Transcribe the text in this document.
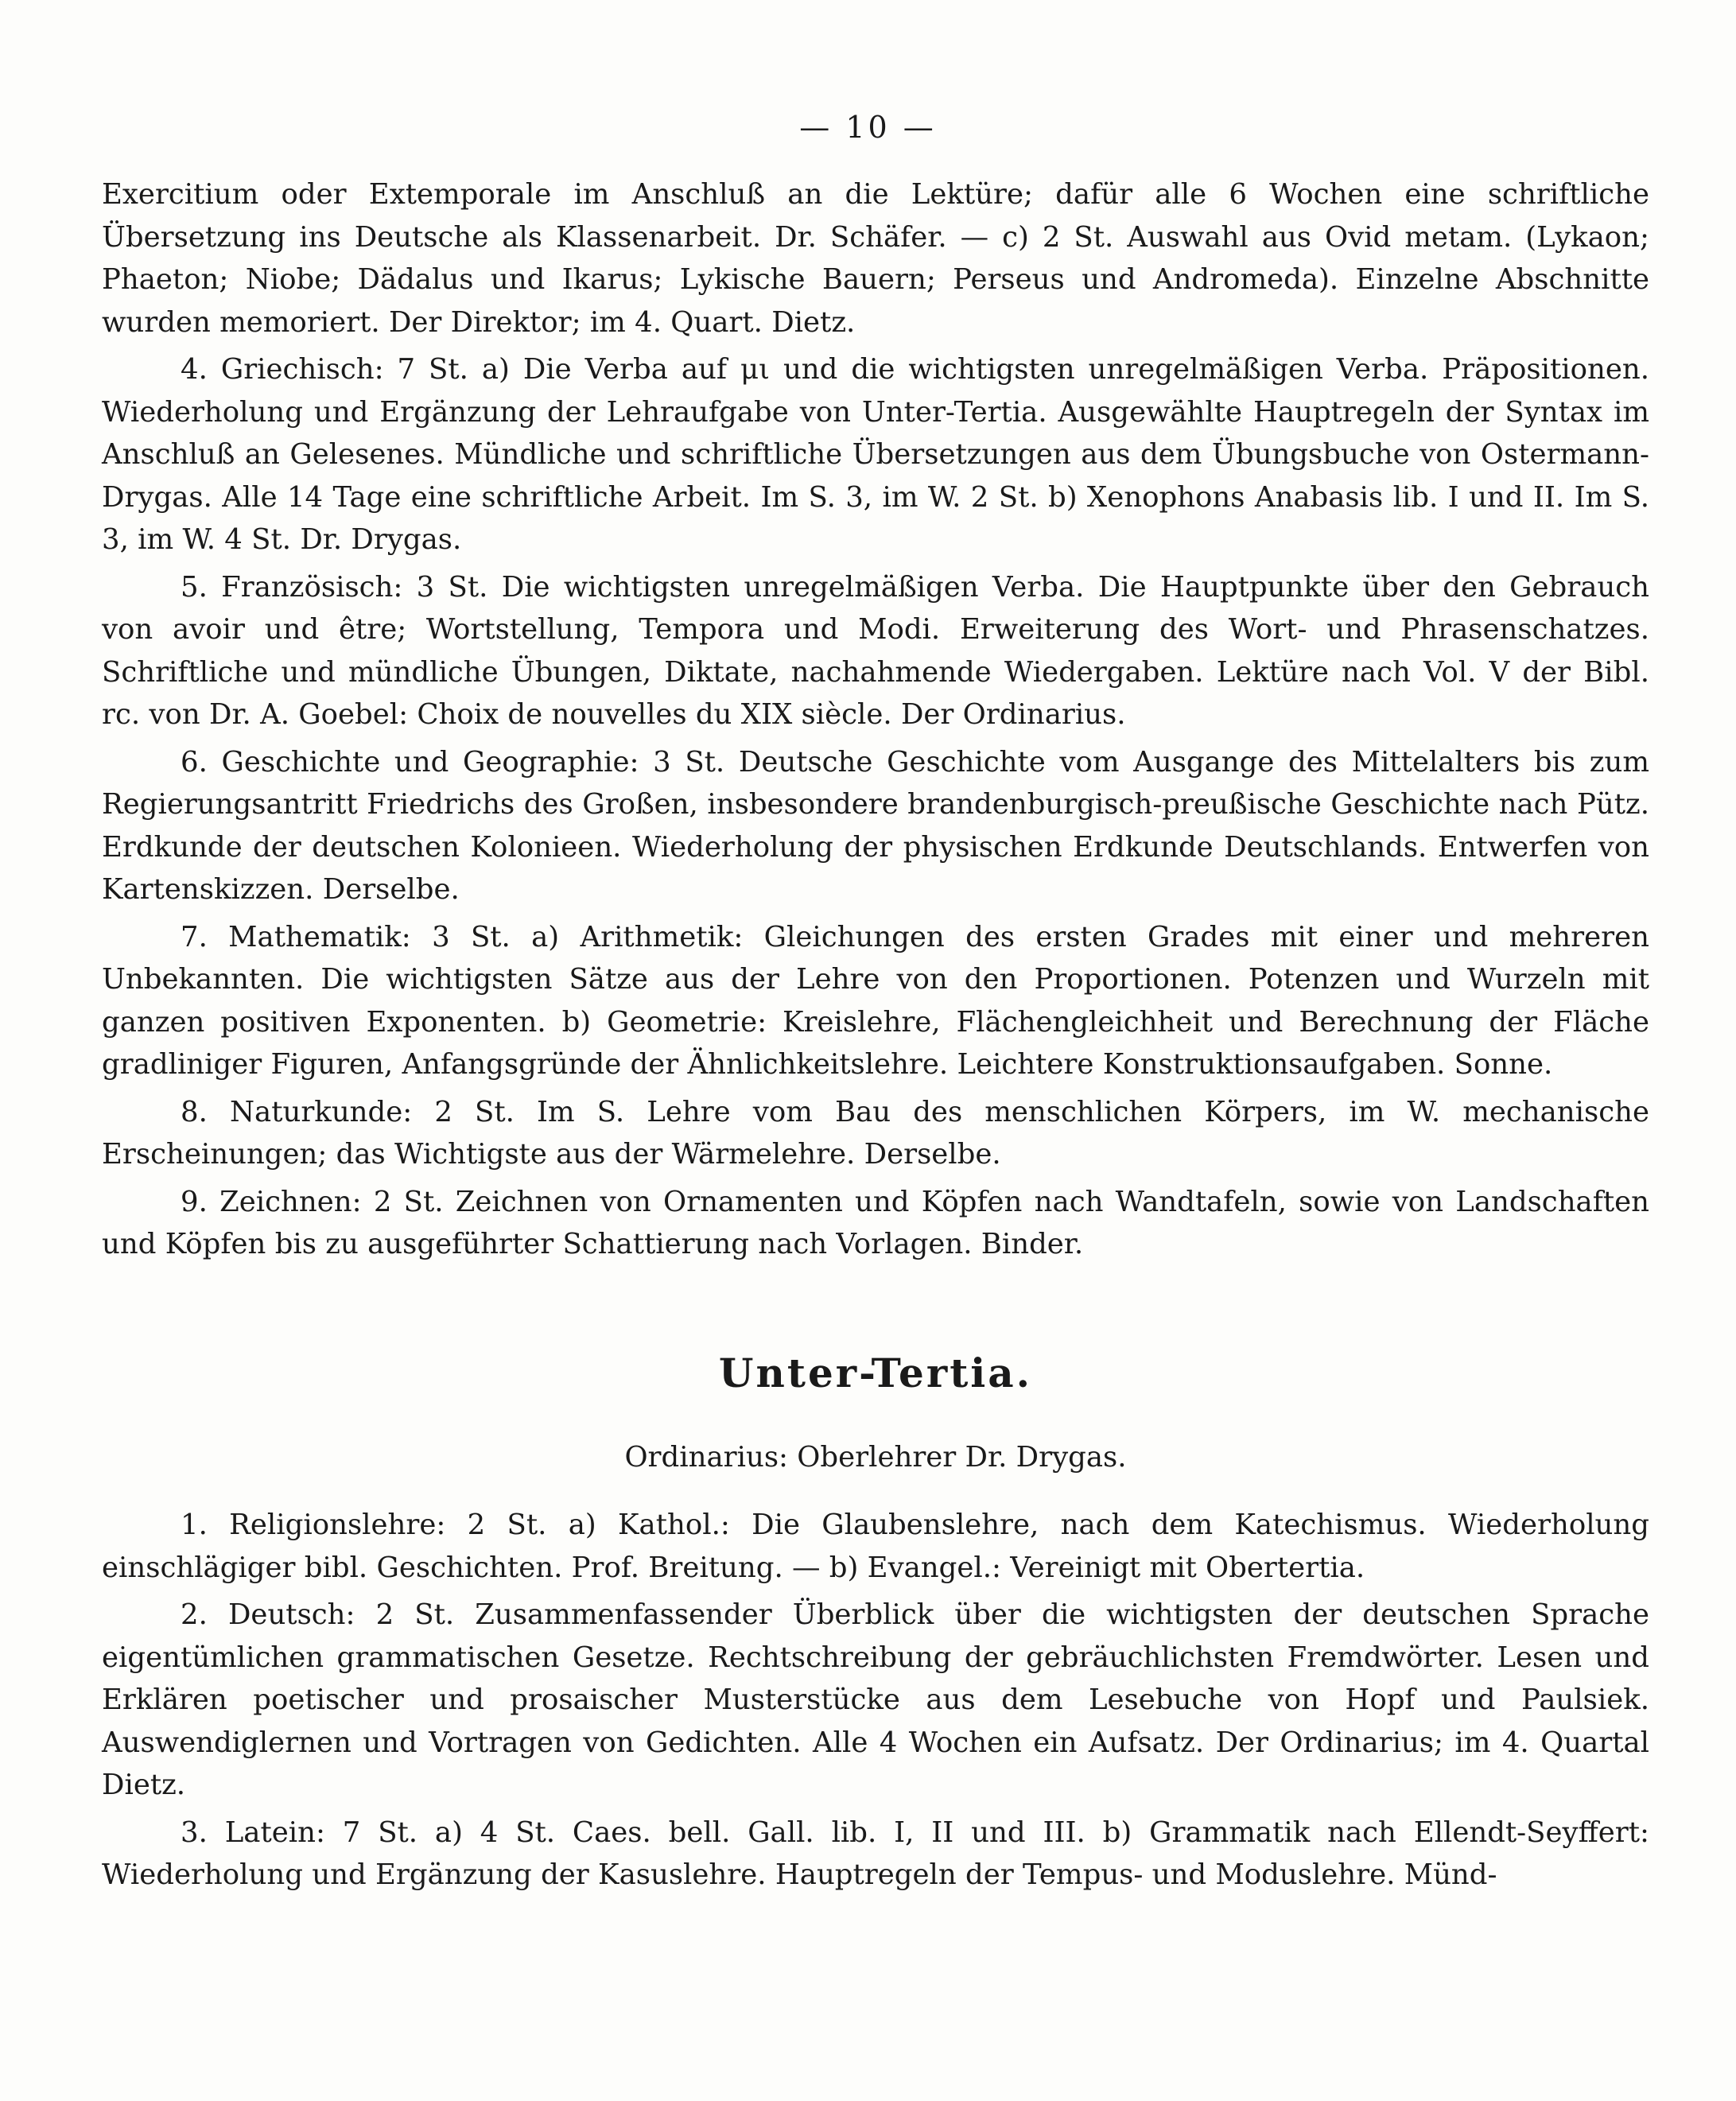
— 10 —

Exercitium oder Extemporale im Anschluß an die Lektüre; dafür alle 6 Wochen eine schriftliche Übersetzung ins Deutsche als Klassenarbeit. Dr. Schäfer. — c) 2 St. Auswahl aus Ovid metam. (Lykaon; Phaeton; Niobe; Dädalus und Ikarus; Lykische Bauern; Perseus und Andromeda). Einzelne Abschnitte wurden memoriert. Der Direktor; im 4. Quart. Dietz.

4. Griechisch: 7 St. a) Die Verba auf μι und die wichtigsten unregelmäßigen Verba. Präpositionen. Wiederholung und Ergänzung der Lehraufgabe von Unter-Tertia. Ausgewählte Hauptregeln der Syntax im Anschluß an Gelesenes. Mündliche und schriftliche Übersetzungen aus dem Übungsbuche von Ostermann-Drygas. Alle 14 Tage eine schriftliche Arbeit. Im S. 3, im W. 2 St. b) Xenophons Anabasis lib. I und II. Im S. 3, im W. 4 St. Dr. Drygas.

5. Französisch: 3 St. Die wichtigsten unregelmäßigen Verba. Die Hauptpunkte über den Gebrauch von avoir und être; Wortstellung, Tempora und Modi. Erweiterung des Wort- und Phrasenschatzes. Schriftliche und mündliche Übungen, Diktate, nachahmende Wiedergaben. Lektüre nach Vol. V der Bibl. rc. von Dr. A. Goebel: Choix de nouvelles du XIX siècle. Der Ordinarius.

6. Geschichte und Geographie: 3 St. Deutsche Geschichte vom Ausgange des Mittelalters bis zum Regierungsantritt Friedrichs des Großen, insbesondere brandenburgisch-preußische Geschichte nach Pütz. Erdkunde der deutschen Kolonieen. Wiederholung der physischen Erdkunde Deutschlands. Entwerfen von Kartenskizzen. Derselbe.

7. Mathematik: 3 St. a) Arithmetik: Gleichungen des ersten Grades mit einer und mehreren Unbekannten. Die wichtigsten Sätze aus der Lehre von den Proportionen. Potenzen und Wurzeln mit ganzen positiven Exponenten. b) Geometrie: Kreislehre, Flächengleichheit und Berechnung der Fläche gradliniger Figuren, Anfangsgründe der Ähnlichkeitslehre. Leichtere Konstruktionsaufgaben. Sonne.

8. Naturkunde: 2 St. Im S. Lehre vom Bau des menschlichen Körpers, im W. mechanische Erscheinungen; das Wichtigste aus der Wärmelehre. Derselbe.

9. Zeichnen: 2 St. Zeichnen von Ornamenten und Köpfen nach Wandtafeln, sowie von Landschaften und Köpfen bis zu ausgeführter Schattierung nach Vorlagen. Binder.

Unter-Tertia.
Ordinarius: Oberlehrer Dr. Drygas.

1. Religionslehre: 2 St. a) Kathol.: Die Glaubenslehre, nach dem Katechismus. Wiederholung einschlägiger bibl. Geschichten. Prof. Breitung. — b) Evangel.: Vereinigt mit Obertertia.

2. Deutsch: 2 St. Zusammenfassender Überblick über die wichtigsten der deutschen Sprache eigentümlichen grammatischen Gesetze. Rechtschreibung der gebräuchlichsten Fremdwörter. Lesen und Erklären poetischer und prosaischer Musterstücke aus dem Lesebuche von Hopf und Paulsiek. Auswendiglernen und Vortragen von Gedichten. Alle 4 Wochen ein Aufsatz. Der Ordinarius; im 4. Quartal Dietz.

3. Latein: 7 St. a) 4 St. Caes. bell. Gall. lib. I, II und III. b) Grammatik nach Ellendt-Seyffert: Wiederholung und Ergänzung der Kasuslehre. Hauptregeln der Tempus- und Moduslehre. Münd-
